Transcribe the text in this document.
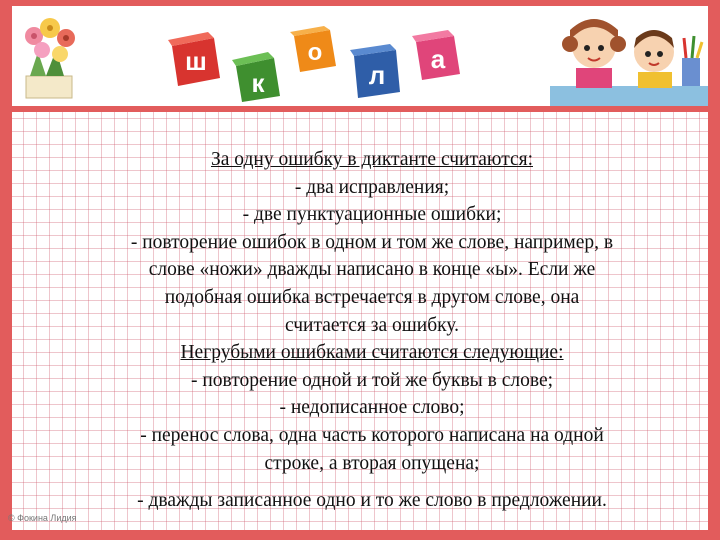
ш
к
о
л
а
За одну ошибку в диктанте считаются:
- два исправления;
- две пунктуационные ошибки;
- повторение ошибок в одном и том же слове, например, в
слове «ножи» дважды написано в конце «ы». Если же
подобная ошибка встречается в другом слове, она
считается за ошибку.
Негрубыми ошибками считаются следующие:
- повторение одной и той же буквы в слове;
- недописанное слово;
- перенос слова, одна часть которого написана на одной
строке, а вторая опущена;
- дважды записанное одно и то же слово в предложении.
© Фокина Лидия
